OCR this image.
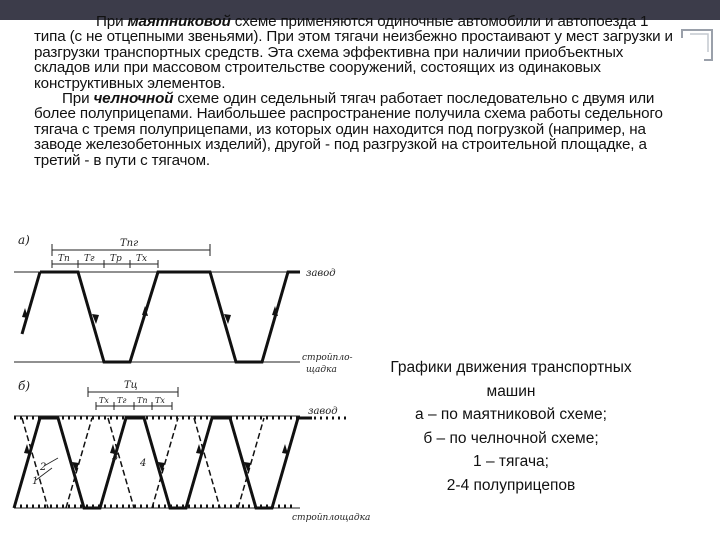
При маятниковой схеме применяются одиночные автомобили и автопоезда 1 типа (с не отцепными звеньями). При этом тягачи неизбежно простаивают у мест загрузки и разгрузки транспортных средств. Эта схема эффективна при наличии приобъектных складов или при массовом строительстве сооружений, состоящих из одинаковых конструктивных элементов.

При челночной схеме один седельный тягач работает последовательно с двумя или более полуприцепами. Наибольшее распространение получила схема работы седельного тягача с тремя полуприцепами, из которых один находится под погрузкой (например, на заводе железобетонных изделий), другой - под разгрузкой на строительной площадке, а третий - в пути с тягачом.

а)	Тпг
Тп Тг Тр Тх
завод
стройпло-
щадка
б)	Тц
Тх Тг Тп Тх
завод
стройплощадка
1
2
3
4
Графики движения транспортных
машин
а – по маятниковой схеме;
б – по челночной схеме;
1 – тягача;
2-4 полуприцепов
